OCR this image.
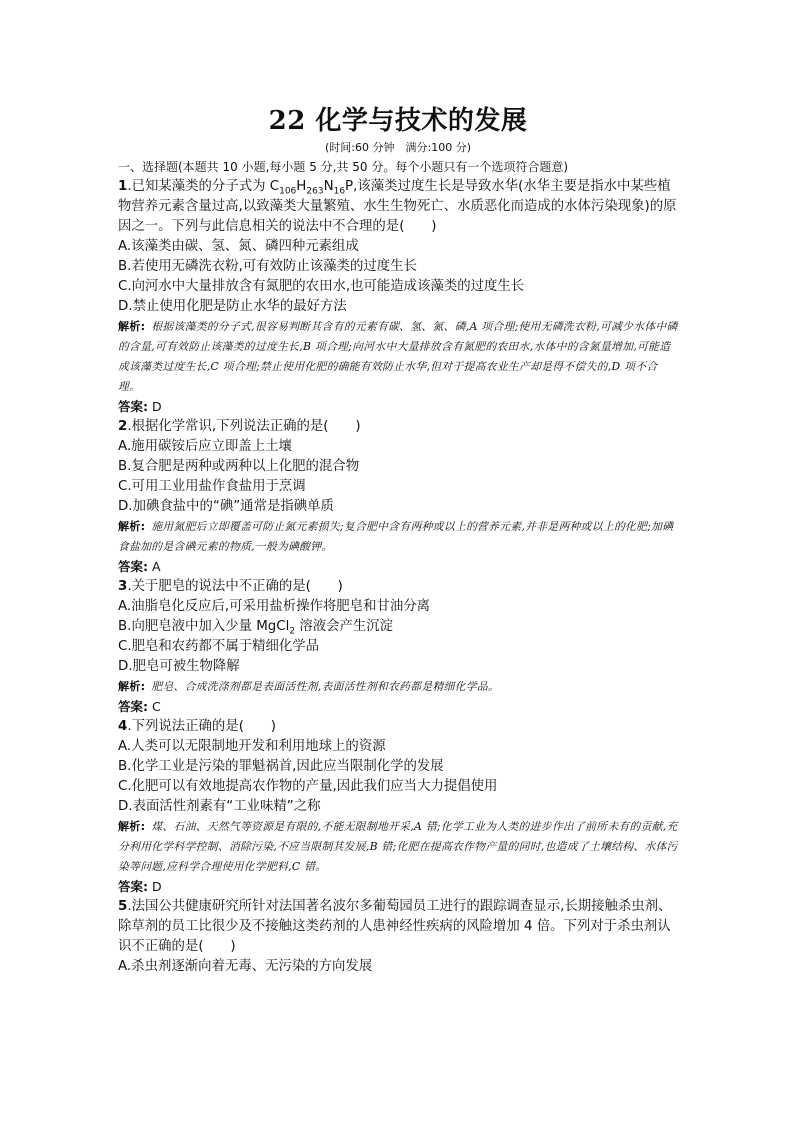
22 化学与技术的发展
(时间:60 分钟　满分:100 分)
一、选择题(本题共 10 小题,每小题 5 分,共 50 分。每个小题只有一个选项符合题意)
1.已知某藻类的分子式为 $C_{106}H_{263}N_{16}P$,该藻类过度生长是导致水华(水华主要是指水中某些植物营养元素含量过高,以致藻类大量繁殖、水生生物死亡、水质恶化而造成的水体污染现象)的原因之一。下列与此信息相关的说法中不合理的是(　　)
A.该藻类由碳、氢、氮、磷四种元素组成
B.若使用无磷洗衣粉,可有效防止该藻类的过度生长
C.向河水中大量排放含有氮肥的农田水,也可能造成该藻类的过度生长
D.禁止使用化肥是防止水华的最好方法
解析: 根据该藻类的分子式,很容易判断其含有的元素有碳、氢、氮、磷,A 项合理;使用无磷洗衣粉,可减少水体中磷的含量,可有效防止该藻类的过度生长,B 项合理;向河水中大量排放含有氮肥的农田水,水体中的含氮量增加,可能造成该藻类过度生长,C 项合理;禁止使用化肥的确能有效防止水华,但对于提高农业生产却是得不偿失的,D 项不合理。
答案: D
2.根据化学常识,下列说法正确的是(　　)
A.施用碳铵后应立即盖上土壤
B.复合肥是两种或两种以上化肥的混合物
C.可用工业用盐作食盐用于烹调
D.加碘食盐中的“碘”通常是指碘单质
解析: 施用氮肥后立即覆盖可防止氮元素损失;复合肥中含有两种或以上的营养元素,并非是两种或以上的化肥;加碘食盐加的是含碘元素的物质,一般为碘酸钾。
答案: A
3.关于肥皂的说法中不正确的是(　　)
A.油脂皂化反应后,可采用盐析操作将肥皂和甘油分离
B.向肥皂液中加入少量 MgCl$_2$ 溶液会产生沉淀
C.肥皂和农药都不属于精细化学品
D.肥皂可被生物降解
解析: 肥皂、合成洗涤剂都是表面活性剂,表面活性剂和农药都是精细化学品。
答案: C
4.下列说法正确的是(　　)
A.人类可以无限制地开发和利用地球上的资源
B.化学工业是污染的罪魁祸首,因此应当限制化学的发展
C.化肥可以有效地提高农作物的产量,因此我们应当大力提倡使用
D.表面活性剂素有“工业味精”之称
解析: 煤、石油、天然气等资源是有限的,不能无限制地开采,A 错;化学工业为人类的进步作出了前所未有的贡献,充分利用化学科学控制、消除污染,不应当限制其发展,B 错;化肥在提高农作物产量的同时,也造成了土壤结构、水体污染等问题,应科学合理使用化学肥料,C 错。
答案: D
5.法国公共健康研究所针对法国著名波尔多葡萄园员工进行的跟踪调查显示,长期接触杀虫剂、除草剂的员工比很少及不接触这类药剂的人患神经性疾病的风险增加 4 倍。下列对于杀虫剂认识不正确的是(　　)
A.杀虫剂逐渐向着无毒、无污染的方向发展
